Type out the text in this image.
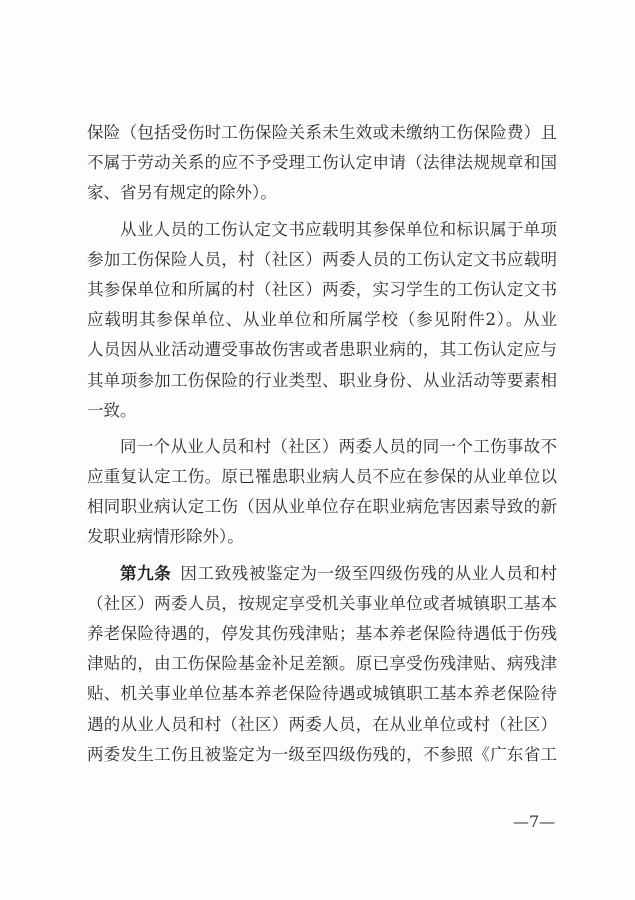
保险（包括受伤时工伤保险关系未生效或未缴纳工伤保险费）且
不属于劳动关系的应不予受理工伤认定申请（法律法规规章和国
家、省另有规定的除外）。
从业人员的工伤认定文书应载明其参保单位和标识属于单项
参加工伤保险人员，村（社区）两委人员的工伤认定文书应载明
其参保单位和所属的村（社区）两委，实习学生的工伤认定文书
应载明其参保单位、从业单位和所属学校（参见附件2）。从业
人员因从业活动遭受事故伤害或者患职业病的，其工伤认定应与
其单项参加工伤保险的行业类型、职业身份、从业活动等要素相
一致。
同一个从业人员和村（社区）两委人员的同一个工伤事故不
应重复认定工伤。原已罹患职业病人员不应在参保的从业单位以
相同职业病认定工伤（因从业单位存在职业病危害因素导致的新
发职业病情形除外）。
第九条  因工致残被鉴定为一级至四级伤残的从业人员和村
（社区）两委人员，按规定享受机关事业单位或者城镇职工基本
养老保险待遇的，停发其伤残津贴；基本养老保险待遇低于伤残
津贴的，由工伤保险基金补足差额。原已享受伤残津贴、病残津
贴、机关事业单位基本养老保险待遇或城镇职工基本养老保险待
遇的从业人员和村（社区）两委人员，在从业单位或村（社区）
两委发生工伤且被鉴定为一级至四级伤残的，不参照《广东省工
—7—
